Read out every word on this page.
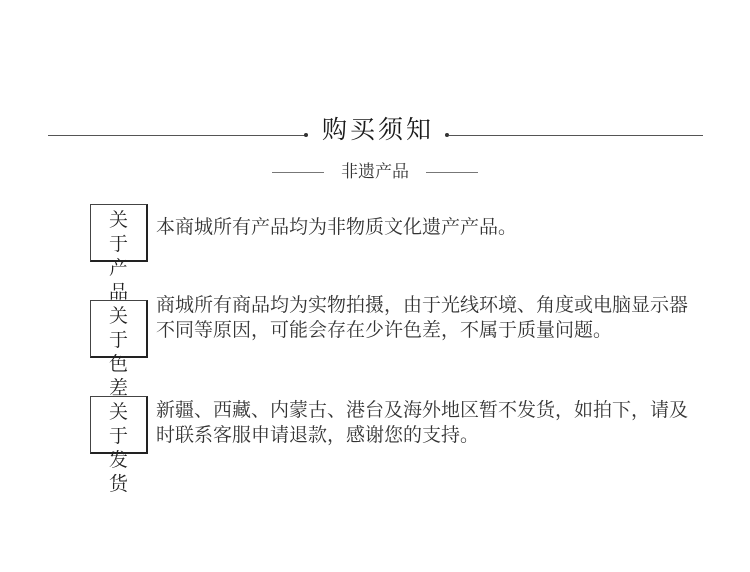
购买须知
非遗产品
关 于
产 品
本商城所有产品均为非物质文化遗产产品。
关 于
色 差
商城所有商品均为实物拍摄，由于光线环境、角度或电脑显示器不同等原因，可能会存在少许色差，不属于质量问题。
关 于
发 货
新疆、西藏、内蒙古、港台及海外地区暂不发货，如拍下，请及时联系客服申请退款，感谢您的支持。
